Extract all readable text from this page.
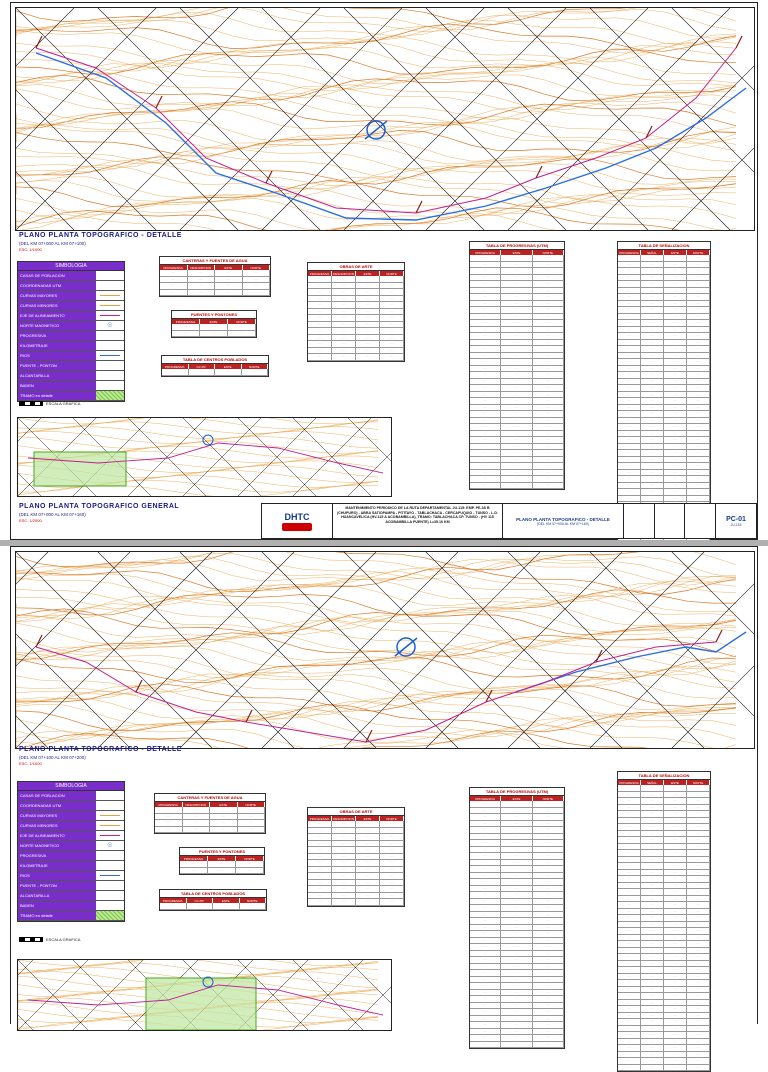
PLANO PLANTA TOPOGRAFICO - DETALLE
(DEL KM 07+000 AL KM 07+100)
ESC. 1/1000
SIMBOLOGIA
CASAS DE POBLACION
COORDENADAS UTM
CURVAS MAYORES
CURVAS MENORES
EJE DE ALINEAMIENTO
NORTE MAGNETICO	☉
PROGRESIVA
KILOMETRAJE
RIOS
PUENTE - PONTON
ALCANTARILLA
BADEN
TRAMO en detalle
ESCALA GRAFICA
CANTERAS Y FUENTES DE AGUA
PROGRESIVA	DESCRIPCION	ESTE	NORTE
····	····	····	····
····	····	····	····
····	····	····	····
····	····	····	····
PUENTES Y PONTONES
PROGRESIVA	ESTE	NORTE
····	····	····
····	····	····
TABLA DE CENTROS POBLADOS
PROGRESIVA	CC.PP.	ESTE	NORTE
····	····	····	····
OBRAS DE ARTE
PROGRESIVA	DESCRIPCION	ESTE	NORTE
····	····	····	····
····	····	····	····
····	····	····	····
····	····	····	····
····	····	····	····
····	····	····	····
····	····	····	····
····	····	····	····
····	····	····	····
····	····	····	····
····	····	····	····
····	····	····	····
····	····	····	····
TABLA DE PROGRESIVAS (UTM)
PROGRESIVA	ESTE	NORTE
····	····	····
····	····	····
····	····	····
····	····	····
····	····	····
····	····	····
····	····	····
····	····	····
····	····	····
····	····	····
····	····	····
····	····	····
····	····	····
····	····	····
····	····	····
····	····	····
····	····	····
····	····	····
····	····	····
····	····	····
····	····	····
····	····	····
····	····	····
····	····	····
····	····	····
····	····	····
····	····	····
····	····	····
····	····	····
····	····	····
····	····	····
····	····	····
····	····	····
····	····	····
····	····	····
····	····	····
TABLA DE SEÑALIZACION
PROGRESIVA	SEÑAL	ESTE	NORTE
····	····	····	····
····	····	····	····
····	····	····	····
····	····	····	····
····	····	····	····
····	····	····	····
····	····	····	····
····	····	····	····
····	····	····	····
····	····	····	····
····	····	····	····
····	····	····	····
····	····	····	····
····	····	····	····
····	····	····	····
····	····	····	····
····	····	····	····
····	····	····	····
····	····	····	····
····	····	····	····
····	····	····	····
····	····	····	····
····	····	····	····
····	····	····	····
····	····	····	····
····	····	····	····
····	····	····	····
····	····	····	····
····	····	····	····
····	····	····	····
····	····	····	····
····	····	····	····
····	····	····	····
····	····	····	····
····	····	····	····
····	····	····	····
····	····	····	····
····	····	····	····
PLANO PLANTA TOPOGRAFICO GENERAL
(DEL KM 07+000 AL KM 07+160)
ESC. 1/2000	DHTC
MANTENIMIENTO PERIODICO DE LA RUTA DEPARTAMENTAL JU-115: EMP. PE-3S B (CHUPURO) - ABRA SATIOPAMPA - PITITAYO - TABLACHACA - CERCAPUQUIO - TUNSO - L.D. HUANCAVELICA (HV-115 A ACOBAMBILLA), TRAMO: TABLACHACA CP. TUNSO - (HV 115 ACOBAMBILLA PUENTE) L=35.16 KM
PLANO PLANTA TOPOGRAFICO - DETALLE
(DEL KM 07+000 AL KM 07+160)
PC-01
JU-115
PLANO PLANTA TOPOGRAFICO - DETALLE
(DEL KM 07+100 AL KM 07+200)
ESC. 1/1000
SIMBOLOGIA
CASAS DE POBLACION
COORDENADAS UTM
CURVAS MAYORES
CURVAS MENORES
EJE DE ALINEAMIENTO
NORTE MAGNETICO	☉
PROGRESIVA
KILOMETRAJE
RIOS
PUENTE - PONTON
ALCANTARILLA
BADEN
TRAMO en detalle
ESCALA GRAFICA
CANTERAS Y FUENTES DE AGUA
PROGRESIVA	DESCRIPCION	ESTE	NORTE
····	····	····	····
····	····	····	····
····	····	····	····
····	····	····	····
PUENTES Y PONTONES
PROGRESIVA	ESTE	NORTE
····	····	····
····	····	····
TABLA DE CENTROS POBLADOS
PROGRESIVA	CC.PP.	ESTE	NORTE
····	····	····	····
OBRAS DE ARTE
PROGRESIVA	DESCRIPCION	ESTE	NORTE
····	····	····	····
····	····	····	····
····	····	····	····
····	····	····	····
····	····	····	····
····	····	····	····
····	····	····	····
····	····	····	····
····	····	····	····
····	····	····	····
····	····	····	····
····	····	····	····
····	····	····	····
TABLA DE PROGRESIVAS (UTM)
PROGRESIVA	ESTE	NORTE
····	····	····
····	····	····
····	····	····
····	····	····
····	····	····
····	····	····
····	····	····
····	····	····
····	····	····
····	····	····
····	····	····
····	····	····
····	····	····
····	····	····
····	····	····
····	····	····
····	····	····
····	····	····
····	····	····
····	····	····
····	····	····
····	····	····
····	····	····
····	····	····
····	····	····
····	····	····
····	····	····
····	····	····
····	····	····
····	····	····
····	····	····
····	····	····
····	····	····
····	····	····
····	····	····
····	····	····
····	····	····
····	····	····
TABLA DE SEÑALIZACION
PROGRESIVA	SEÑAL	ESTE	NORTE
····	····	····	····
····	····	····	····
····	····	····	····
····	····	····	····
····	····	····	····
····	····	····	····
····	····	····	····
····	····	····	····
····	····	····	····
····	····	····	····
····	····	····	····
····	····	····	····
····	····	····	····
····	····	····	····
····	····	····	····
····	····	····	····
····	····	····	····
····	····	····	····
····	····	····	····
····	····	····	····
····	····	····	····
····	····	····	····
····	····	····	····
····	····	····	····
····	····	····	····
····	····	····	····
····	····	····	····
····	····	····	····
····	····	····	····
····	····	····	····
····	····	····	····
····	····	····	····
····	····	····	····
····	····	····	····
····	····	····	····
····	····	····	····
····	····	····	····
····	····	····	····
····	····	····	····
····	····	····	····
····	····	····	····
····	····	····	····
····	····	····	····
····	····	····	····
